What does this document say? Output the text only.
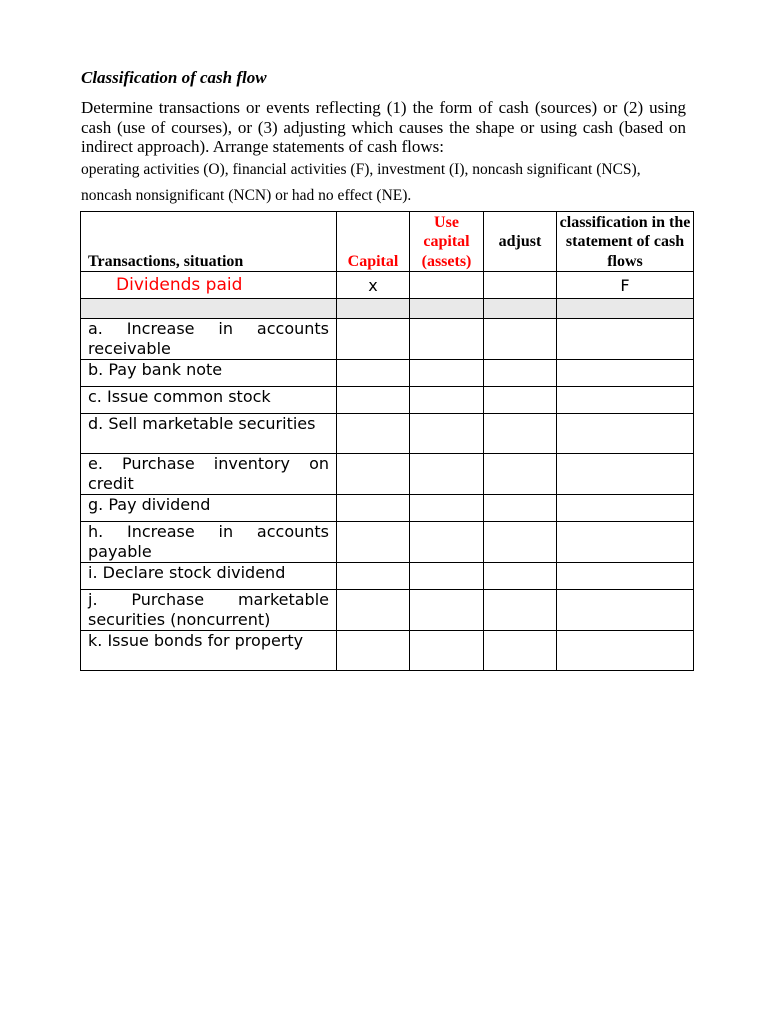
Classification of cash flow
Determine transactions or events reflecting (1) the form of cash (sources) or (2) using cash (use of courses), or (3) adjusting which causes the shape or using cash (based on indirect approach). Arrange statements of cash flows:
operating activities (O), financial activities (F), investment (I), noncash significant (NCS), noncash nonsignificant (NCN) or had no effect (NE).
Transactions, situation	Capital	Use capital (assets)	adjust	classification in the statement of cash flows
Dividends paid	x			F

a. Increase in accounts receivable				
b. Pay bank note				
c. Issue common stock				
d. Sell marketable securities				
e. Purchase inventory on credit				
g. Pay dividend				
h. Increase in accounts payable				
i. Declare stock dividend				
j. Purchase marketable securities (noncurrent)				
k. Issue bonds for property				
